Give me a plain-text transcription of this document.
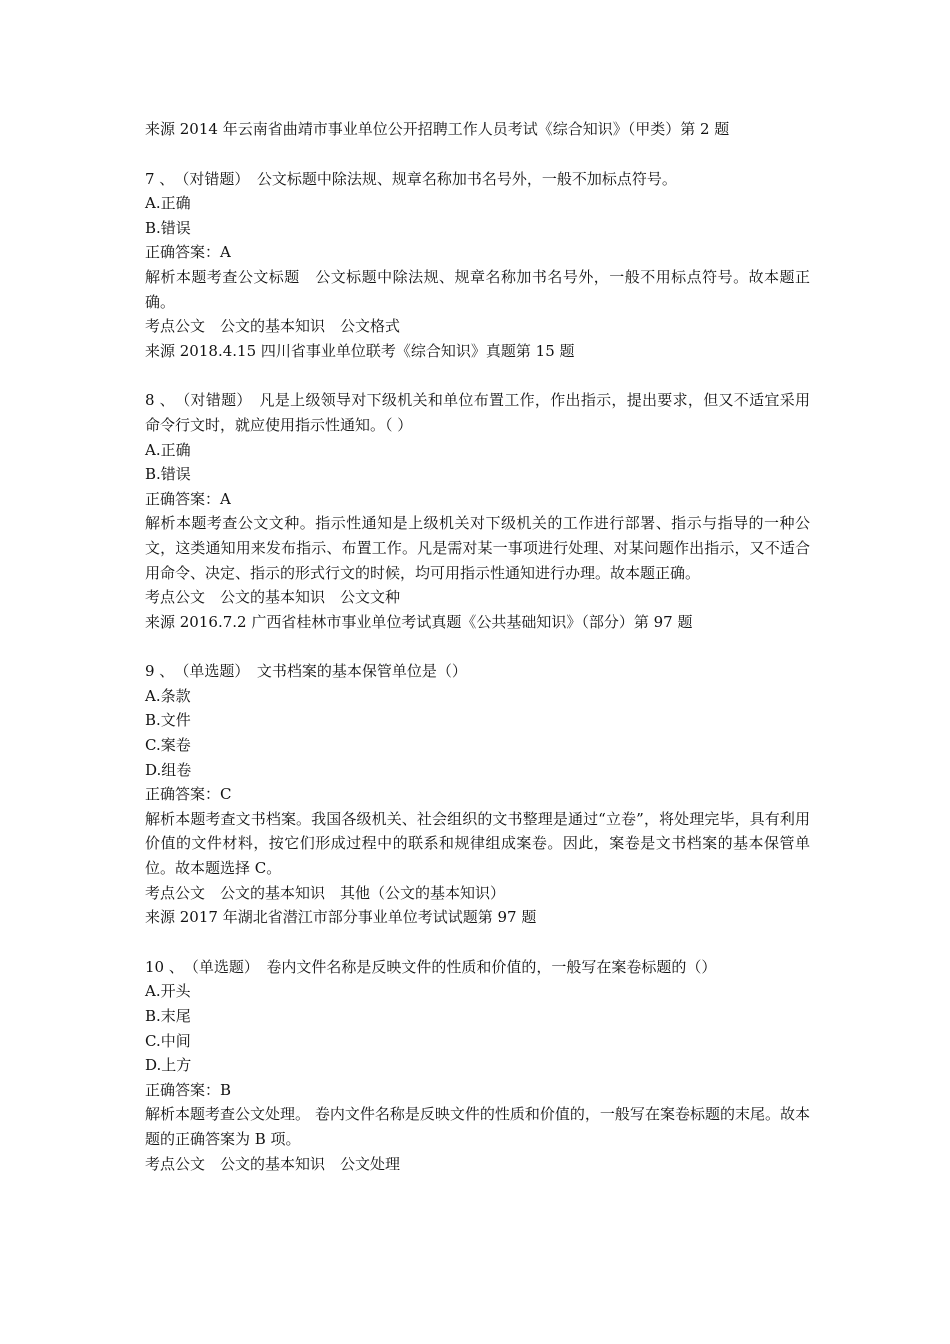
来源 2014 年云南省曲靖市事业单位公开招聘工作人员考试《综合知识》（甲类）第 2 题

7 、　 （对错题）　 公文标题中除法规、规章名称加书名号外，一般不加标点符号。

A.正确

B.错误

正确答案：A

解析本题考查公文标题　公文标题中除法规、规章名称加书名号外，一般不用标点符号。故本题正确。

考点公文　公文的基本知识　公文格式

来源 2018.4.15 四川省事业单位联考《综合知识》真题第 15 题

8 、　 （对错题）　 凡是上级领导对下级机关和单位布置工作，作出指示，提出要求，但又不适宜采用命令行文时，就应使用指示性通知。（ ）

A.正确

B.错误

正确答案：A

解析本题考查公文文种。指示性通知是上级机关对下级机关的工作进行部署、指示与指导的一种公文，这类通知用来发布指示、布置工作。凡是需对某一事项进行处理、对某问题作出指示，又不适合用命令、决定、指示的形式行文的时候，均可用指示性通知进行办理。故本题正确。

考点公文　公文的基本知识　公文文种

来源 2016.7.2 广西省桂林市事业单位考试真题《公共基础知识》（部分）第 97 题

9 、　 （单选题）　 文书档案的基本保管单位是（）

A.条款

B.文件

C.案卷

D.组卷

正确答案：C

解析本题考查文书档案。我国各级机关、社会组织的文书整理是通过“立卷”，将处理完毕，具有利用价值的文件材料，按它们形成过程中的联系和规律组成案卷。因此，案卷是文书档案的基本保管单位。故本题选择 C。

考点公文　公文的基本知识　其他（公文的基本知识）

来源 2017 年湖北省潜江市部分事业单位考试试题第 97 题

10 、　 （单选题）　 卷内文件名称是反映文件的性质和价值的，一般写在案卷标题的（）

A.开头

B.末尾

C.中间

D.上方

正确答案：B

解析本题考查公文处理。 卷内文件名称是反映文件的性质和价值的，一般写在案卷标题的末尾。故本题的正确答案为 B 项。

考点公文　公文的基本知识　公文处理
